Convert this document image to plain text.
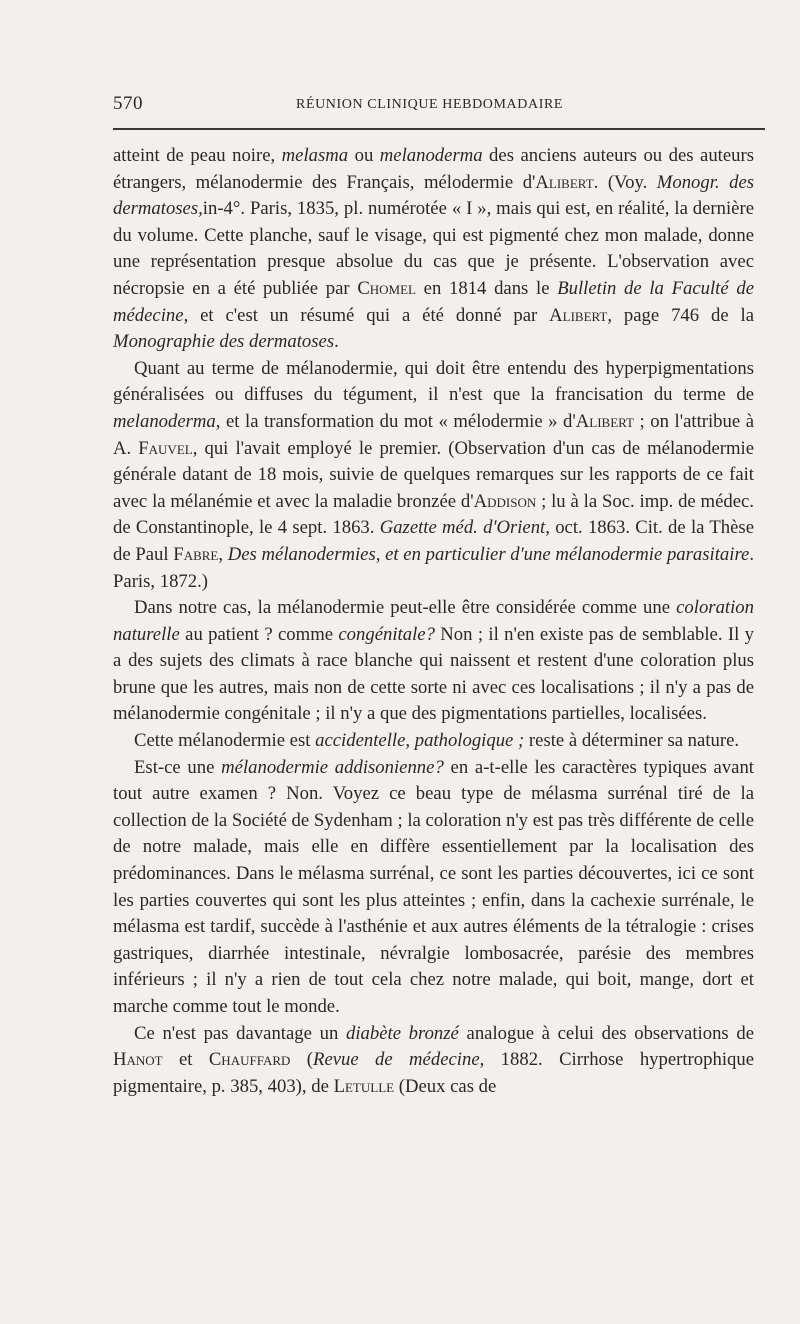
570	RÉUNION CLINIQUE HEBDOMADAIRE

atteint de peau noire, melasma ou melanoderma des anciens auteurs ou des auteurs étrangers, mélanodermie des Français, mélodermie d'Alibert. (Voy. Monogr. des dermatoses,in-4°. Paris, 1835, pl. numérotée « I », mais qui est, en réalité, la dernière du volume. Cette planche, sauf le visage, qui est pigmenté chez mon malade, donne une représentation presque absolue du cas que je présente. L'observation avec nécropsie en a été publiée par Chomel en 1814 dans le Bulletin de la Faculté de médecine, et c'est un résumé qui a été donné par Alibert, page 746 de la Monographie des dermatoses.

Quant au terme de mélanodermie, qui doit être entendu des hyperpigmentations généralisées ou diffuses du tégument, il n'est que la francisation du terme de melanoderma, et la transformation du mot « mélodermie » d'Alibert ; on l'attribue à A. Fauvel, qui l'avait employé le premier. (Observation d'un cas de mélanodermie générale datant de 18 mois, suivie de quelques remarques sur les rapports de ce fait avec la mélanémie et avec la maladie bronzée d'Addison ; lu à la Soc. imp. de médec. de Constantinople, le 4 sept. 1863. Gazette méd. d'Orient, oct. 1863. Cit. de la Thèse de Paul Fabre, Des mélanodermies, et en particulier d'une mélanodermie parasitaire. Paris, 1872.)

Dans notre cas, la mélanodermie peut-elle être considérée comme une coloration naturelle au patient ? comme congénitale? Non ; il n'en existe pas de semblable. Il y a des sujets des climats à race blanche qui naissent et restent d'une coloration plus brune que les autres, mais non de cette sorte ni avec ces localisations ; il n'y a pas de mélanodermie congénitale ; il n'y a que des pigmentations partielles, localisées.

Cette mélanodermie est accidentelle, pathologique ; reste à déterminer sa nature.

Est-ce une mélanodermie addisonienne? en a-t-elle les caractères typiques avant tout autre examen ? Non. Voyez ce beau type de mélasma surrénal tiré de la collection de la Société de Sydenham ; la coloration n'y est pas très différente de celle de notre malade, mais elle en diffère essentiellement par la localisation des prédominances. Dans le mélasma surrénal, ce sont les parties découvertes, ici ce sont les parties couvertes qui sont les plus atteintes ; enfin, dans la cachexie surrénale, le mélasma est tardif, succède à l'asthénie et aux autres éléments de la tétralogie : crises gastriques, diarrhée intestinale, névralgie lombosacrée, parésie des membres inférieurs ; il n'y a rien de tout cela chez notre malade, qui boit, mange, dort et marche comme tout le monde.

Ce n'est pas davantage un diabète bronzé analogue à celui des observations de Hanot et Chauffard (Revue de médecine, 1882. Cirrhose hypertrophique pigmentaire, p. 385, 403), de Letulle (Deux cas de
